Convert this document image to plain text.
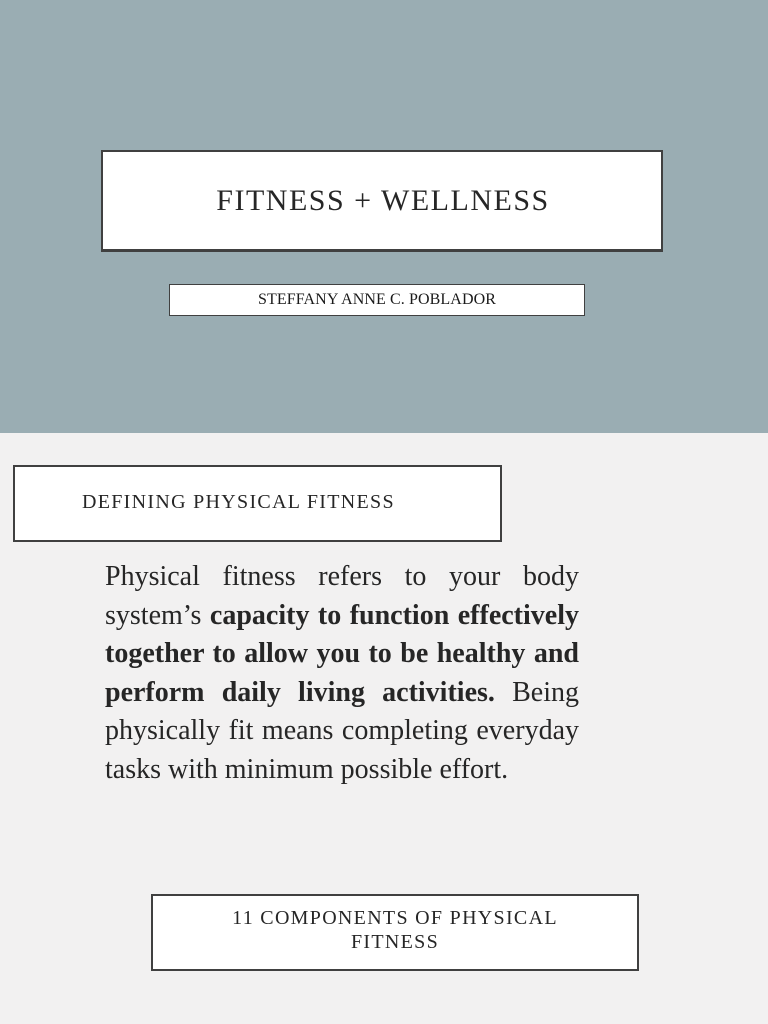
FITNESS + WELLNESS
STEFFANY ANNE C. POBLADOR
DEFINING PHYSICAL FITNESS

Physical fitness refers to your body system’s capacity to function effectively together to allow you to be healthy and perform daily living activities. Being physically fit means completing everyday tasks with minimum possible effort.

11 COMPONENTS OF PHYSICAL FITNESS
